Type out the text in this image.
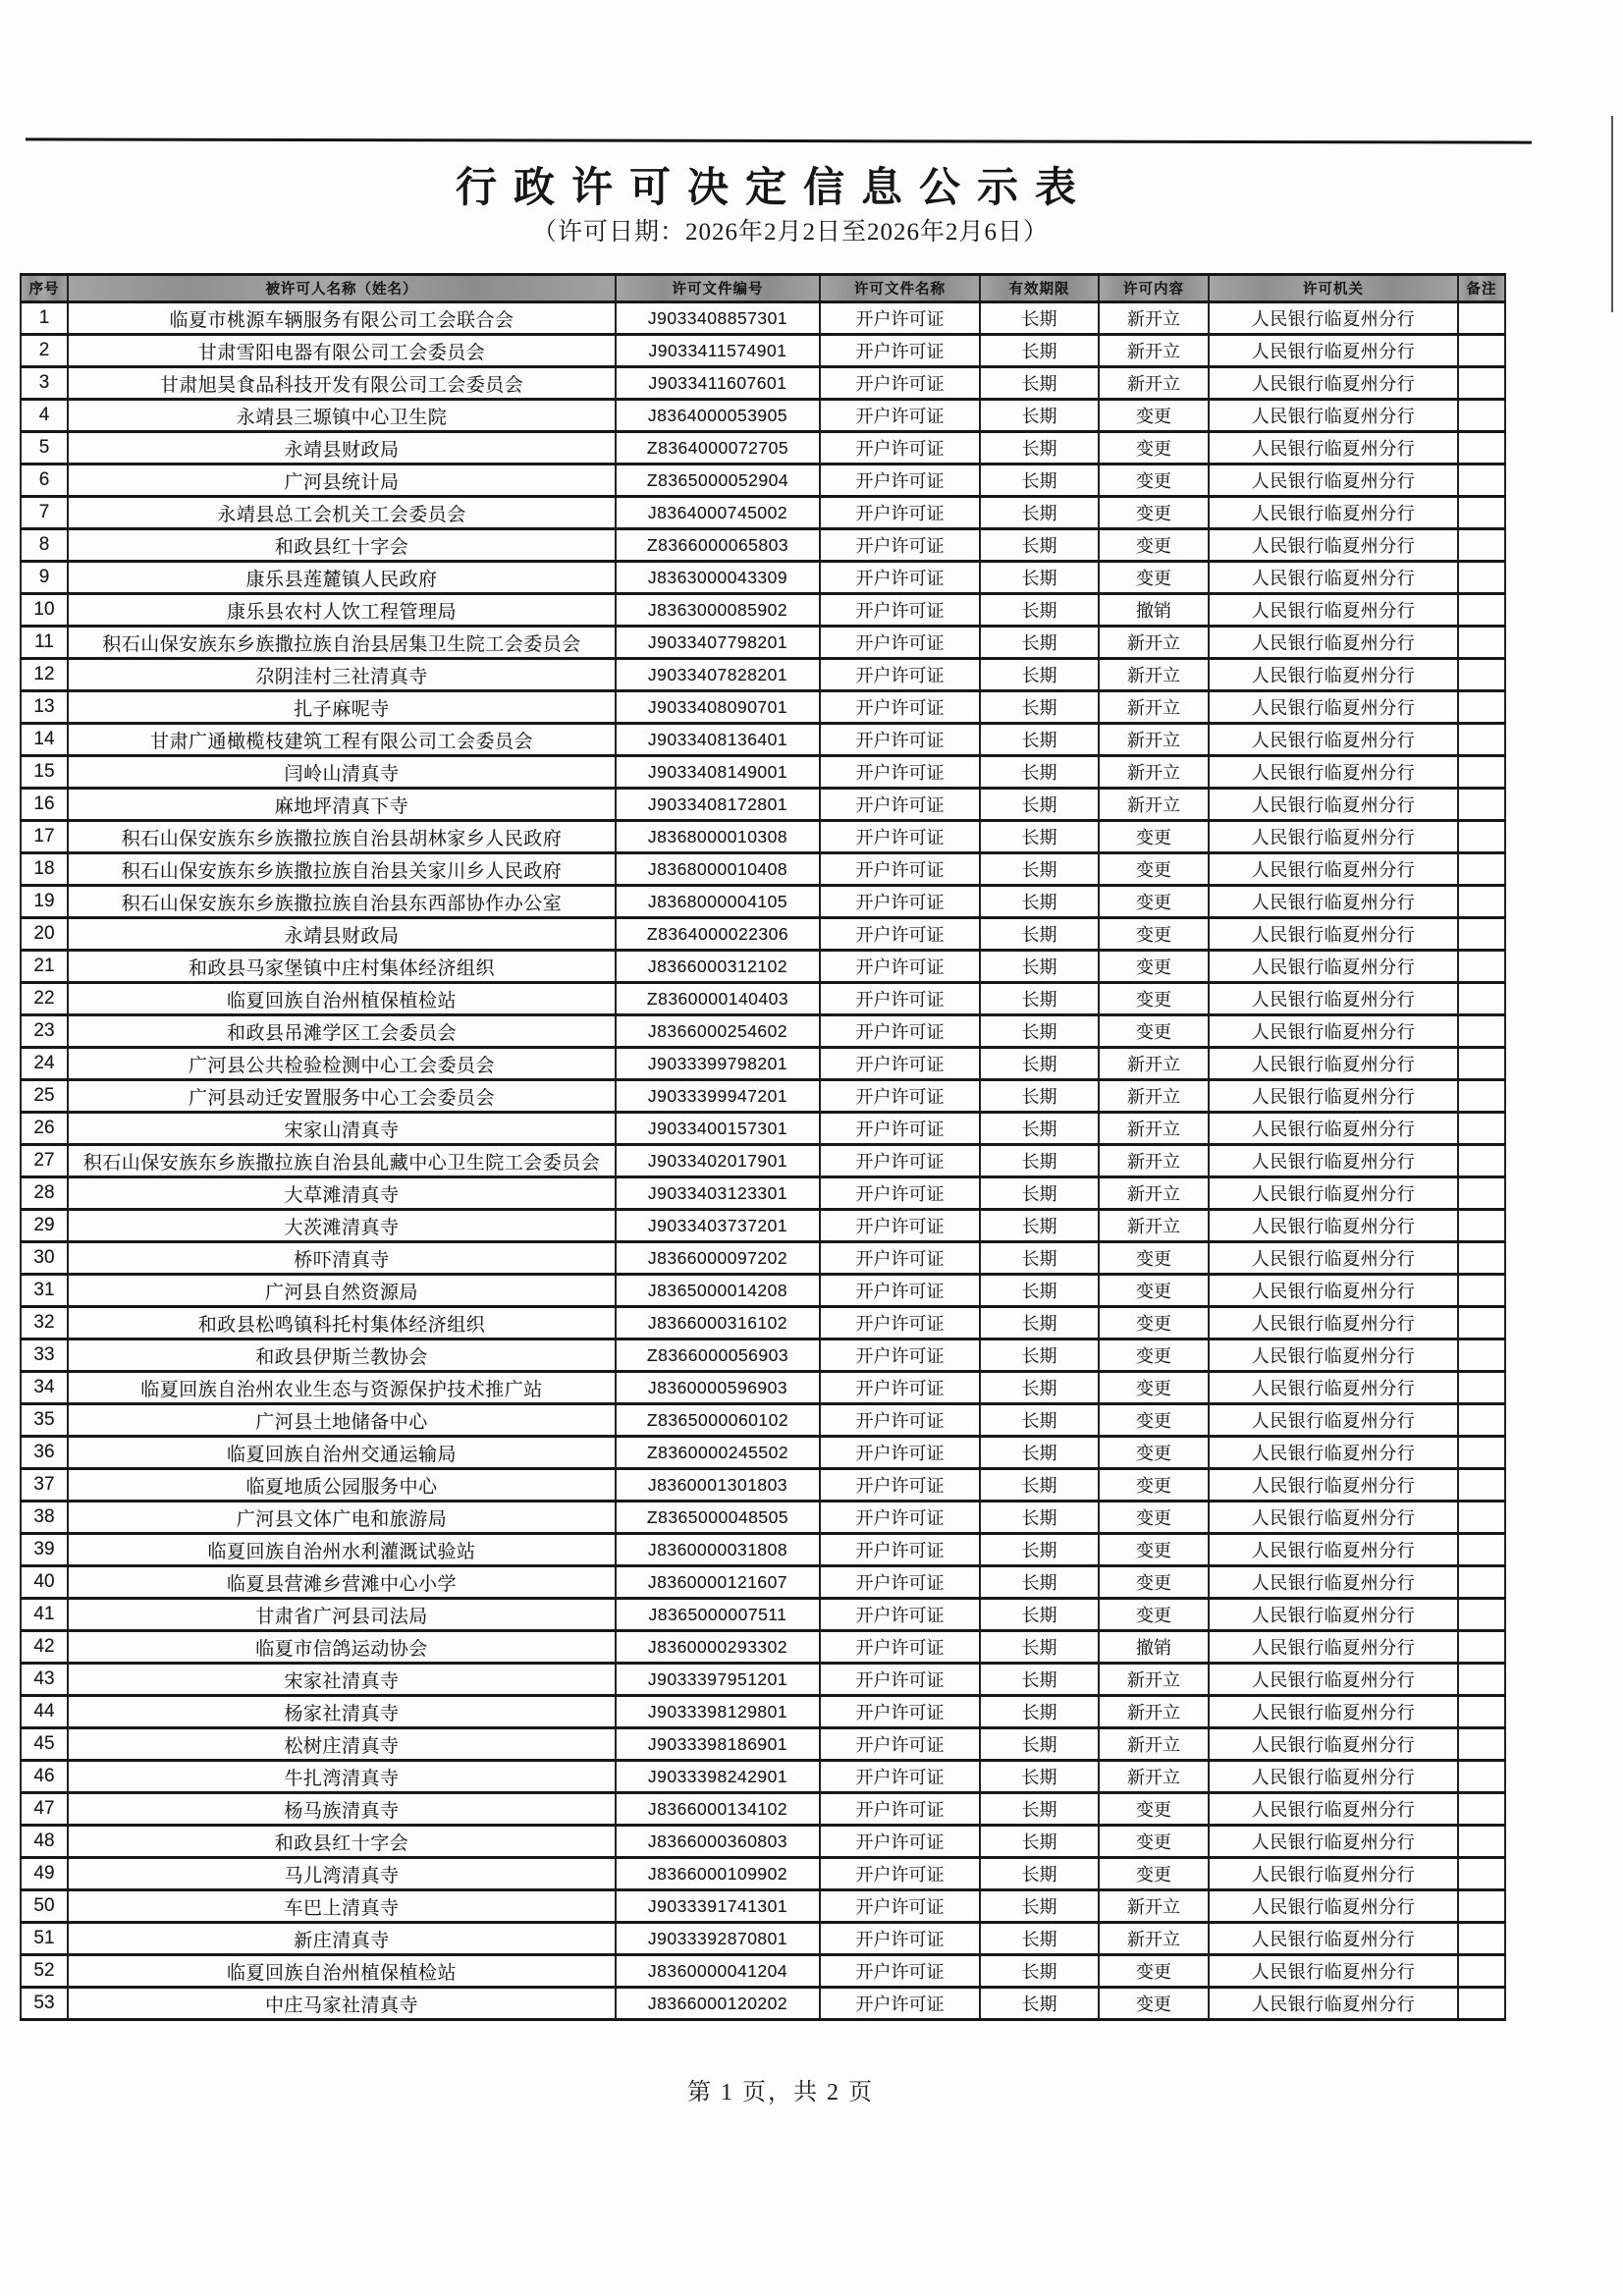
行政许可决定信息公示表
（许可日期：2026年2月2日至2026年2月6日）
序号	被许可人名称（姓名）	许可文件编号	许可文件名称	有效期限	许可内容	许可机关	备注
1	临夏市桃源车辆服务有限公司工会联合会	J9033408857301	开户许可证	长期	新开立	人民银行临夏州分行	
2	甘肃雪阳电器有限公司工会委员会	J9033411574901	开户许可证	长期	新开立	人民银行临夏州分行	
3	甘肃旭昊食品科技开发有限公司工会委员会	J9033411607601	开户许可证	长期	新开立	人民银行临夏州分行	
4	永靖县三塬镇中心卫生院	J8364000053905	开户许可证	长期	变更	人民银行临夏州分行	
5	永靖县财政局	Z8364000072705	开户许可证	长期	变更	人民银行临夏州分行	
6	广河县统计局	Z8365000052904	开户许可证	长期	变更	人民银行临夏州分行	
7	永靖县总工会机关工会委员会	J8364000745002	开户许可证	长期	变更	人民银行临夏州分行	
8	和政县红十字会	Z8366000065803	开户许可证	长期	变更	人民银行临夏州分行	
9	康乐县莲麓镇人民政府	J8363000043309	开户许可证	长期	变更	人民银行临夏州分行	
10	康乐县农村人饮工程管理局	J8363000085902	开户许可证	长期	撤销	人民银行临夏州分行	
11	积石山保安族东乡族撒拉族自治县居集卫生院工会委员会	J9033407798201	开户许可证	长期	新开立	人民银行临夏州分行	
12	尕阴洼村三社清真寺	J9033407828201	开户许可证	长期	新开立	人民银行临夏州分行	
13	扎子麻呢寺	J9033408090701	开户许可证	长期	新开立	人民银行临夏州分行	
14	甘肃广通橄榄枝建筑工程有限公司工会委员会	J9033408136401	开户许可证	长期	新开立	人民银行临夏州分行	
15	闫岭山清真寺	J9033408149001	开户许可证	长期	新开立	人民银行临夏州分行	
16	麻地坪清真下寺	J9033408172801	开户许可证	长期	新开立	人民银行临夏州分行	
17	积石山保安族东乡族撒拉族自治县胡林家乡人民政府	J8368000010308	开户许可证	长期	变更	人民银行临夏州分行	
18	积石山保安族东乡族撒拉族自治县关家川乡人民政府	J8368000010408	开户许可证	长期	变更	人民银行临夏州分行	
19	积石山保安族东乡族撒拉族自治县东西部协作办公室	J8368000004105	开户许可证	长期	变更	人民银行临夏州分行	
20	永靖县财政局	Z8364000022306	开户许可证	长期	变更	人民银行临夏州分行	
21	和政县马家堡镇中庄村集体经济组织	J8366000312102	开户许可证	长期	变更	人民银行临夏州分行	
22	临夏回族自治州植保植检站	Z8360000140403	开户许可证	长期	变更	人民银行临夏州分行	
23	和政县吊滩学区工会委员会	J8366000254602	开户许可证	长期	变更	人民银行临夏州分行	
24	广河县公共检验检测中心工会委员会	J9033399798201	开户许可证	长期	新开立	人民银行临夏州分行	
25	广河县动迁安置服务中心工会委员会	J9033399947201	开户许可证	长期	新开立	人民银行临夏州分行	
26	宋家山清真寺	J9033400157301	开户许可证	长期	新开立	人民银行临夏州分行	
27	积石山保安族东乡族撒拉族自治县癿藏中心卫生院工会委员会	J9033402017901	开户许可证	长期	新开立	人民银行临夏州分行	
28	大草滩清真寺	J9033403123301	开户许可证	长期	新开立	人民银行临夏州分行	
29	大茨滩清真寺	J9033403737201	开户许可证	长期	新开立	人民银行临夏州分行	
30	桥吓清真寺	J8366000097202	开户许可证	长期	变更	人民银行临夏州分行	
31	广河县自然资源局	J8365000014208	开户许可证	长期	变更	人民银行临夏州分行	
32	和政县松鸣镇科托村集体经济组织	J8366000316102	开户许可证	长期	变更	人民银行临夏州分行	
33	和政县伊斯兰教协会	Z8366000056903	开户许可证	长期	变更	人民银行临夏州分行	
34	临夏回族自治州农业生态与资源保护技术推广站	J8360000596903	开户许可证	长期	变更	人民银行临夏州分行	
35	广河县土地储备中心	Z8365000060102	开户许可证	长期	变更	人民银行临夏州分行	
36	临夏回族自治州交通运输局	Z8360000245502	开户许可证	长期	变更	人民银行临夏州分行	
37	临夏地质公园服务中心	J8360001301803	开户许可证	长期	变更	人民银行临夏州分行	
38	广河县文体广电和旅游局	Z8365000048505	开户许可证	长期	变更	人民银行临夏州分行	
39	临夏回族自治州水利灌溉试验站	J8360000031808	开户许可证	长期	变更	人民银行临夏州分行	
40	临夏县营滩乡营滩中心小学	J8360000121607	开户许可证	长期	变更	人民银行临夏州分行	
41	甘肃省广河县司法局	J8365000007511	开户许可证	长期	变更	人民银行临夏州分行	
42	临夏市信鸽运动协会	J8360000293302	开户许可证	长期	撤销	人民银行临夏州分行	
43	宋家社清真寺	J9033397951201	开户许可证	长期	新开立	人民银行临夏州分行	
44	杨家社清真寺	J9033398129801	开户许可证	长期	新开立	人民银行临夏州分行	
45	松树庄清真寺	J9033398186901	开户许可证	长期	新开立	人民银行临夏州分行	
46	牛扎湾清真寺	J9033398242901	开户许可证	长期	新开立	人民银行临夏州分行	
47	杨马族清真寺	J8366000134102	开户许可证	长期	变更	人民银行临夏州分行	
48	和政县红十字会	J8366000360803	开户许可证	长期	变更	人民银行临夏州分行	
49	马儿湾清真寺	J8366000109902	开户许可证	长期	变更	人民银行临夏州分行	
50	车巴上清真寺	J9033391741301	开户许可证	长期	新开立	人民银行临夏州分行	
51	新庄清真寺	J9033392870801	开户许可证	长期	新开立	人民银行临夏州分行	
52	临夏回族自治州植保植检站	J8360000041204	开户许可证	长期	变更	人民银行临夏州分行	
53	中庄马家社清真寺	J8366000120202	开户许可证	长期	变更	人民银行临夏州分行	
第 1 页，共 2 页
